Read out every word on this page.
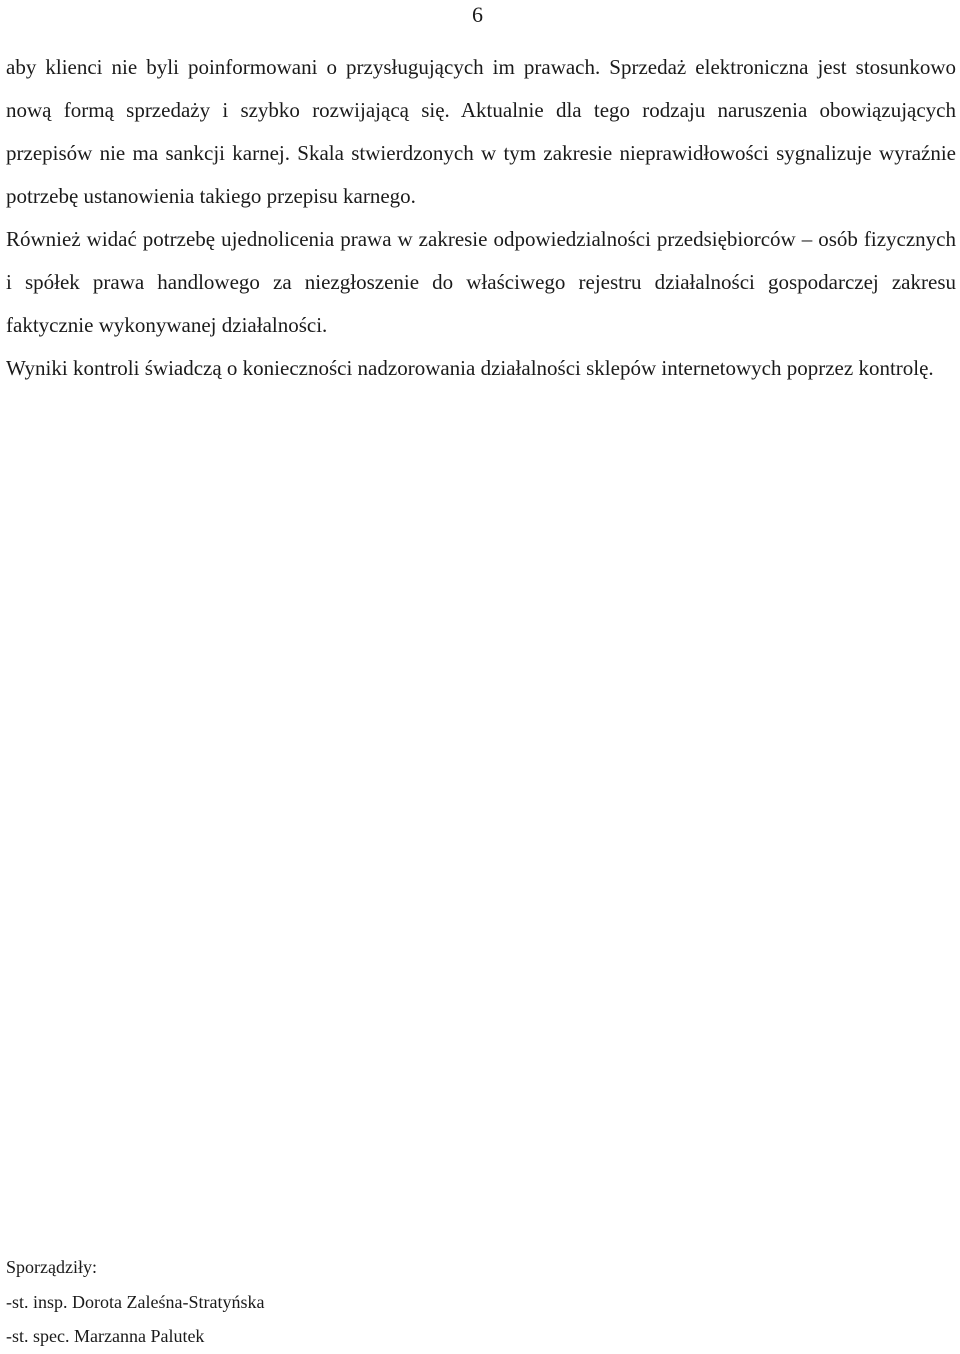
6

aby klienci nie byli poinformowani o przysługujących im prawach. Sprzedaż elektroniczna jest stosunkowo nową formą sprzedaży i szybko rozwijającą się. Aktualnie dla tego rodzaju naruszenia obowiązujących przepisów nie ma sankcji karnej. Skala stwierdzonych w tym zakresie nieprawidłowości sygnalizuje wyraźnie potrzebę ustanowienia takiego przepisu karnego.

Również widać potrzebę ujednolicenia prawa w zakresie odpowiedzialności przedsiębiorców – osób fizycznych i spółek prawa handlowego za niezgłoszenie do właściwego rejestru działalności gospodarczej zakresu faktycznie wykonywanej działalności.

Wyniki kontroli świadczą o konieczności nadzorowania działalności sklepów internetowych poprzez kontrolę.

Sporządziły:
-st. insp. Dorota Zaleśna-Stratyńska
-st. spec. Marzanna Palutek
